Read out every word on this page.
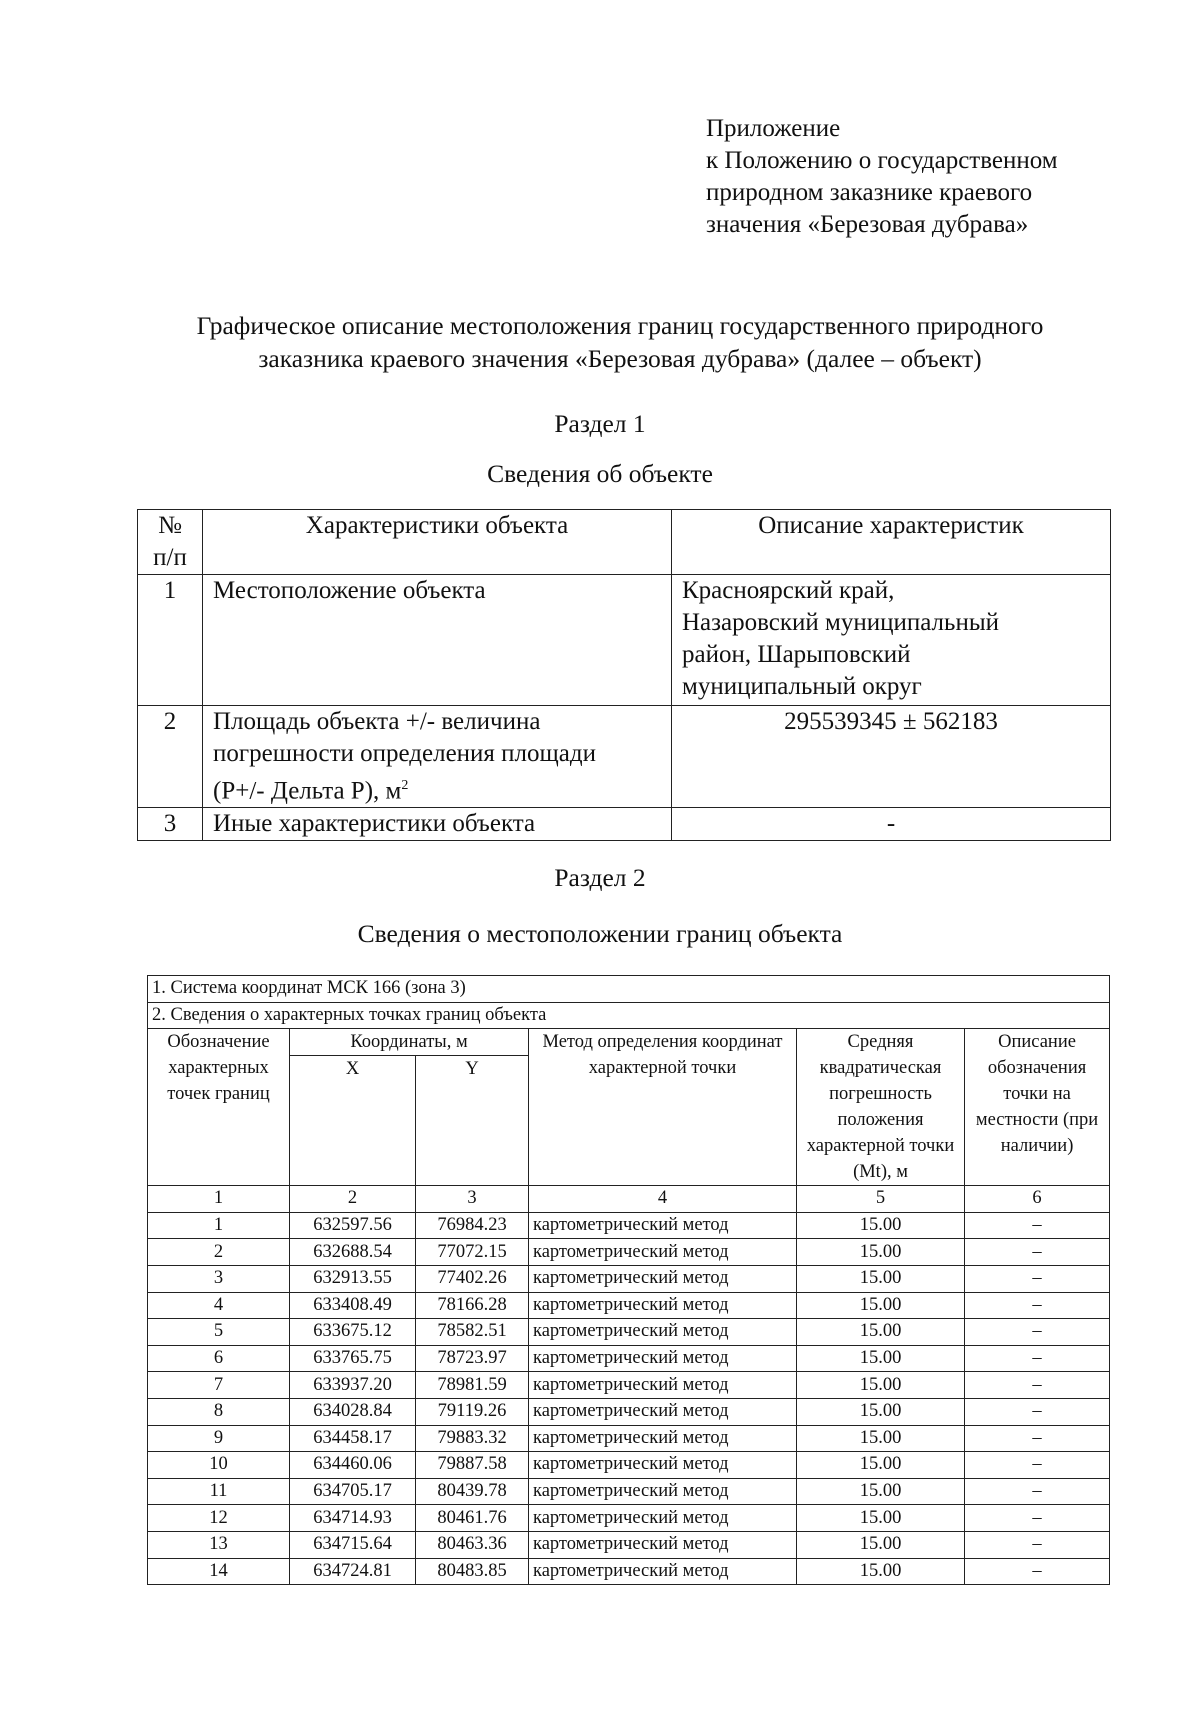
Приложение
к Положению о государственном
природном заказнике краевого
значения «Березовая дубрава»
Графическое описание местоположения границ государственного природного
заказника краевого значения «Березовая дубрава» (далее – объект)
Раздел 1
Сведения об объекте
№
п/п	Характеристики объекта	Описание характеристик
1	Местоположение объекта	Красноярский край,
Назаровский муниципальный
район, Шарыповский
муниципальный округ

2	Площадь объекта +/- величина
погрешности определения площади
(Р+/- Дельта Р), $м^2$	295539345 ± 562183
3	Иные характеристики объекта	-
Раздел 2
Сведения о местоположении границ объекта
1. Система координат МСК 166 (зона 3)					
2. Сведения о характерных точках границ объекта					
Обозначение характерных точек границ	Координаты, м		Метод определения координат характерной точки	Средняя квадратическая погрешность положения характерной точки (Мt), м	Описание обозначения точки на местности (при наличии)
	X	Y			
1	2	3	4	5	6
1	632597.56	76984.23	картометрический метод	15.00	–
2	632688.54	77072.15	картометрический метод	15.00	–
3	632913.55	77402.26	картометрический метод	15.00	–
4	633408.49	78166.28	картометрический метод	15.00	–
5	633675.12	78582.51	картометрический метод	15.00	–
6	633765.75	78723.97	картометрический метод	15.00	–
7	633937.20	78981.59	картометрический метод	15.00	–
8	634028.84	79119.26	картометрический метод	15.00	–
9	634458.17	79883.32	картометрический метод	15.00	–
10	634460.06	79887.58	картометрический метод	15.00	–
11	634705.17	80439.78	картометрический метод	15.00	–
12	634714.93	80461.76	картометрический метод	15.00	–
13	634715.64	80463.36	картометрический метод	15.00	–
14	634724.81	80483.85	картометрический метод	15.00	–
